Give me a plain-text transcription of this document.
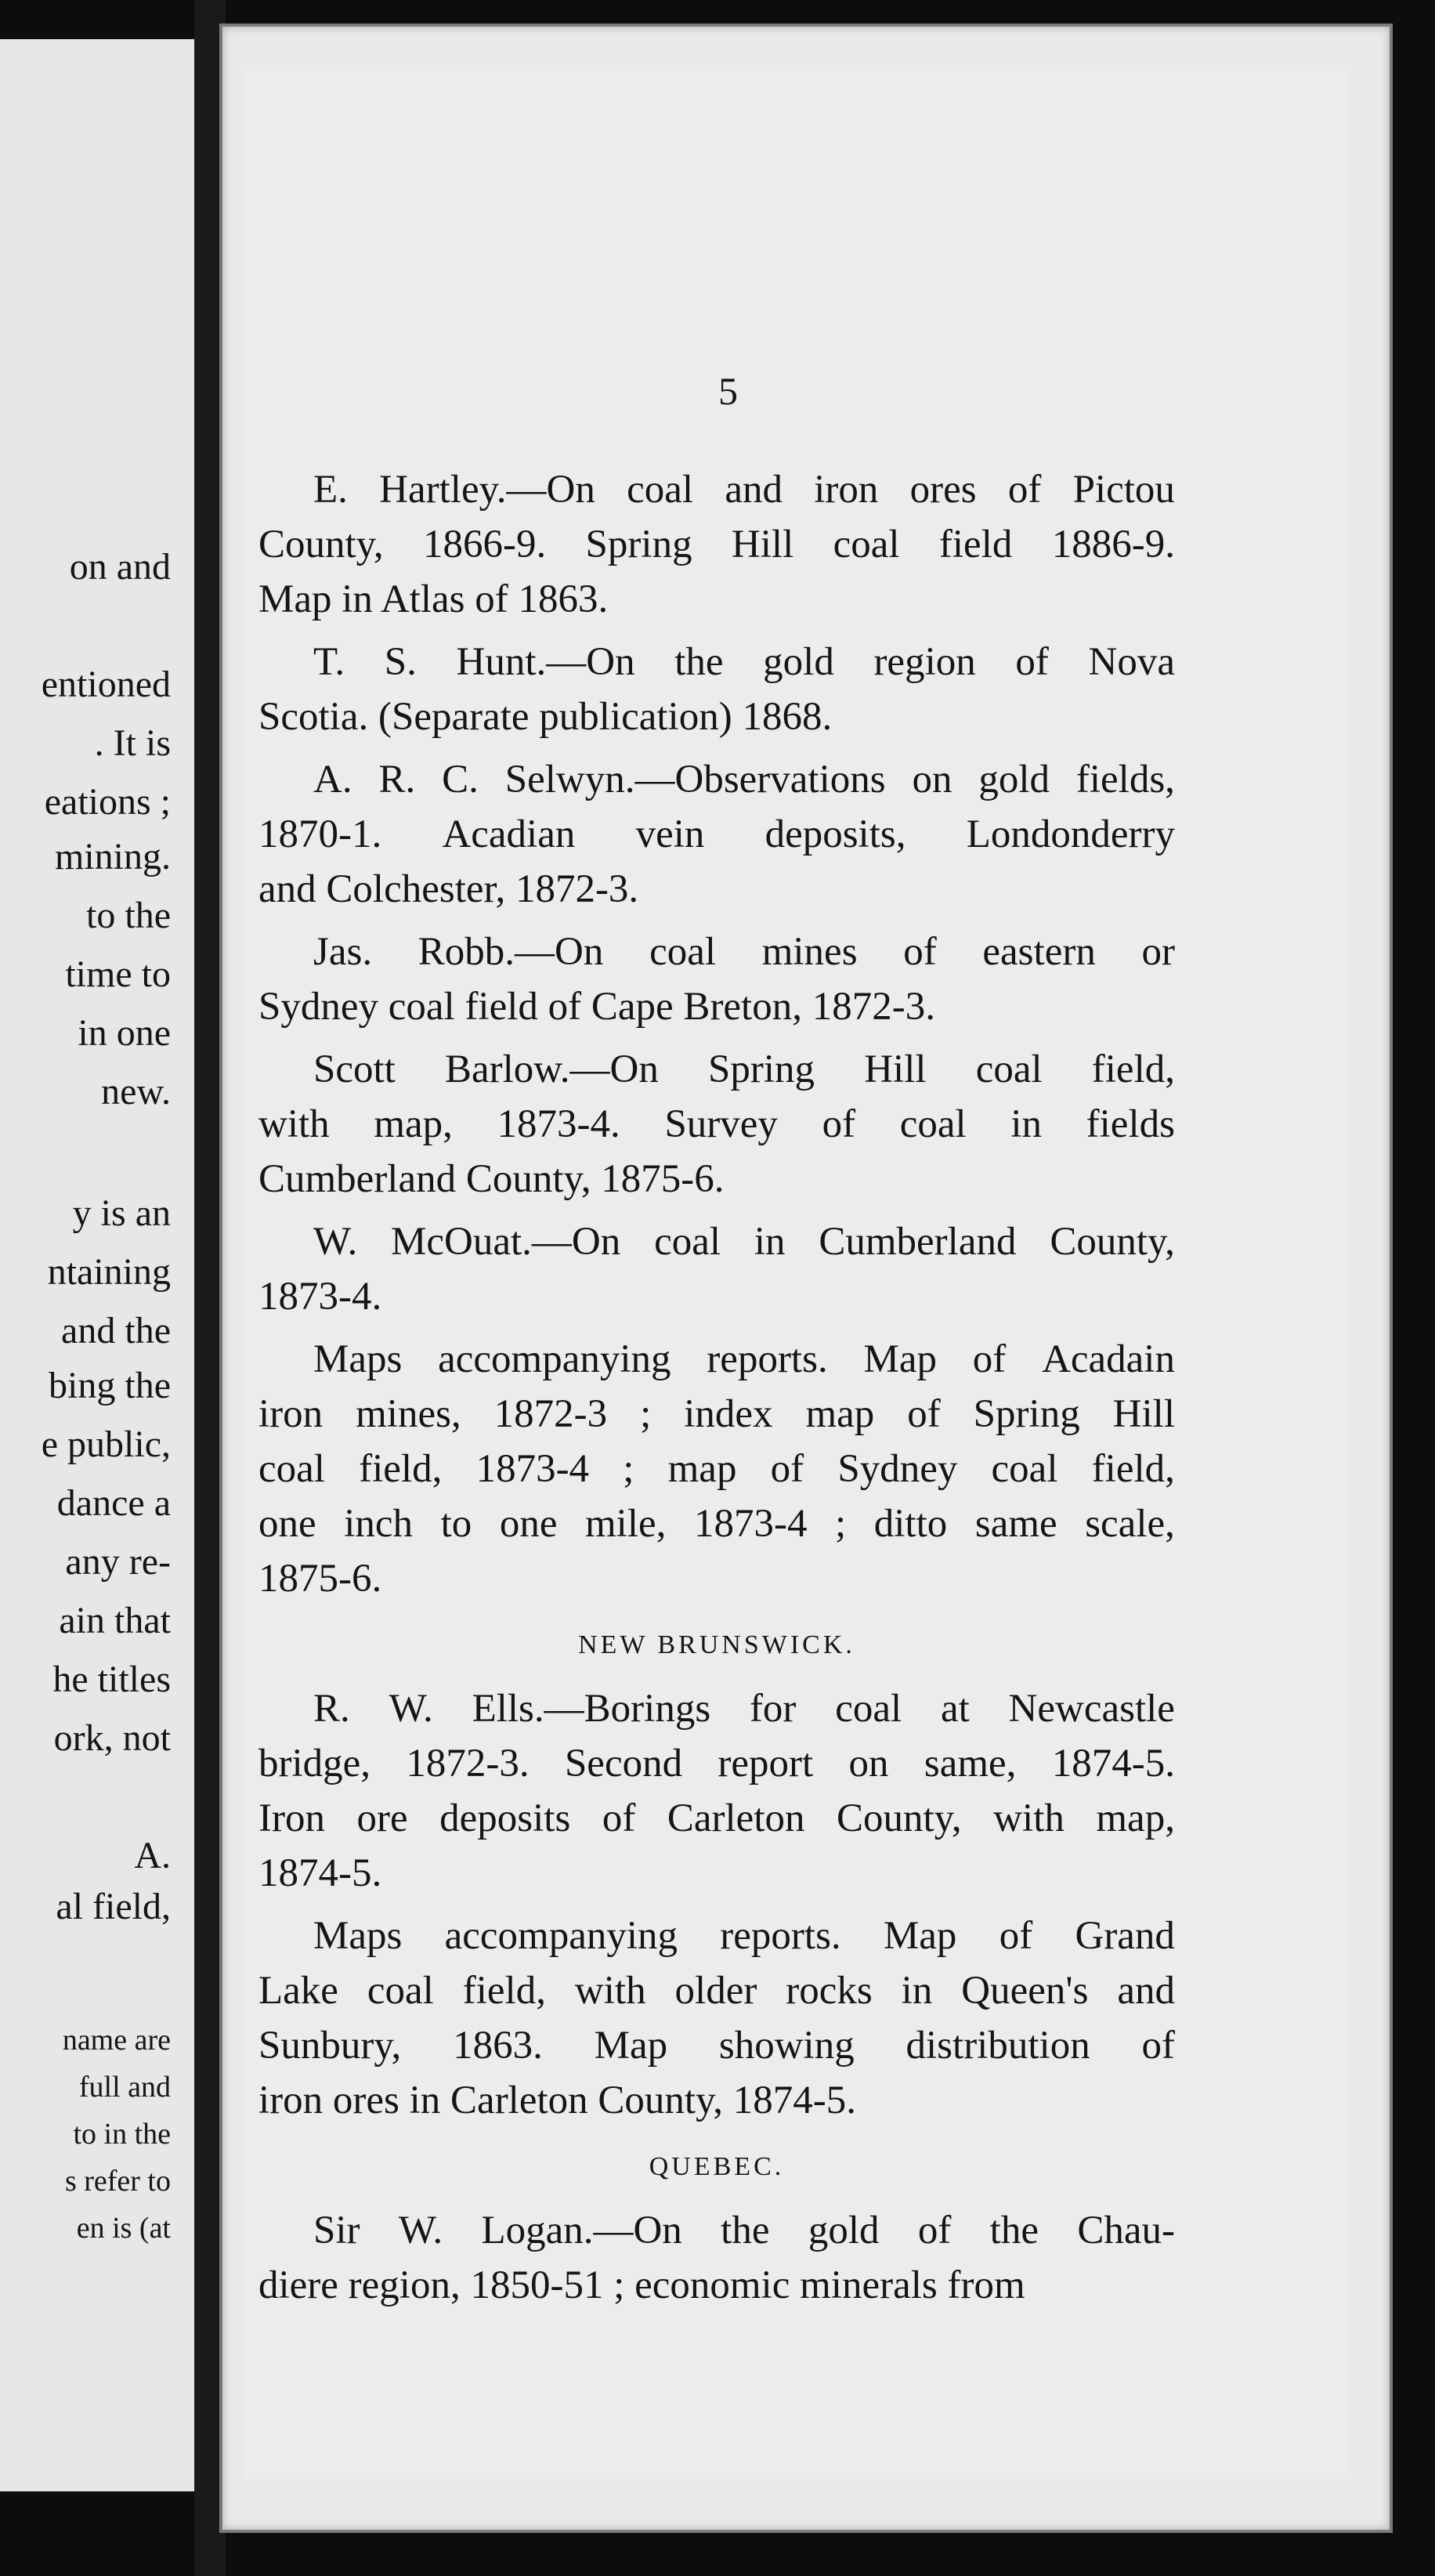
on and
entioned
. It is
eations ;
mining.
to the
time to
in one
new.
y is an
ntaining
and the
bing the
e public,
dance a
any re-
ain that
he titles
ork, not
A.
al field,
name are
full and
to in the
s refer to
en is (at
5
E. Hartley.—On coal and iron ores of Pictou
County, 1866-9. Spring Hill coal field 1886-9.
Map in Atlas of 1863.
T. S. Hunt.—On the gold region of Nova
Scotia. (Separate publication) 1868.
A. R. C. Selwyn.—Observations on gold fields,
1870-1. Acadian vein deposits, Londonderry
and Colchester, 1872-3.
Jas. Robb.—On coal mines of eastern or
Sydney coal field of Cape Breton, 1872-3.
Scott Barlow.—On Spring Hill coal field,
with map, 1873-4. Survey of coal in fields
Cumberland County, 1875-6.
W. McOuat.—On coal in Cumberland County,
1873-4.
Maps accompanying reports. Map of Acadain
iron mines, 1872-3 ; index map of Spring Hill
coal field, 1873-4 ; map of Sydney coal field,
one inch to one mile, 1873-4 ; ditto same scale,
1875-6.
NEW BRUNSWICK.
R. W. Ells.—Borings for coal at Newcastle
bridge, 1872-3. Second report on same, 1874-5.
Iron ore deposits of Carleton County, with map,
1874-5.
Maps accompanying reports. Map of Grand
Lake coal field, with older rocks in Queen's and
Sunbury, 1863. Map showing distribution of
iron ores in Carleton County, 1874-5.
QUEBEC.
Sir W. Logan.—On the gold of the Chau-
diere region, 1850-51 ; economic minerals from
